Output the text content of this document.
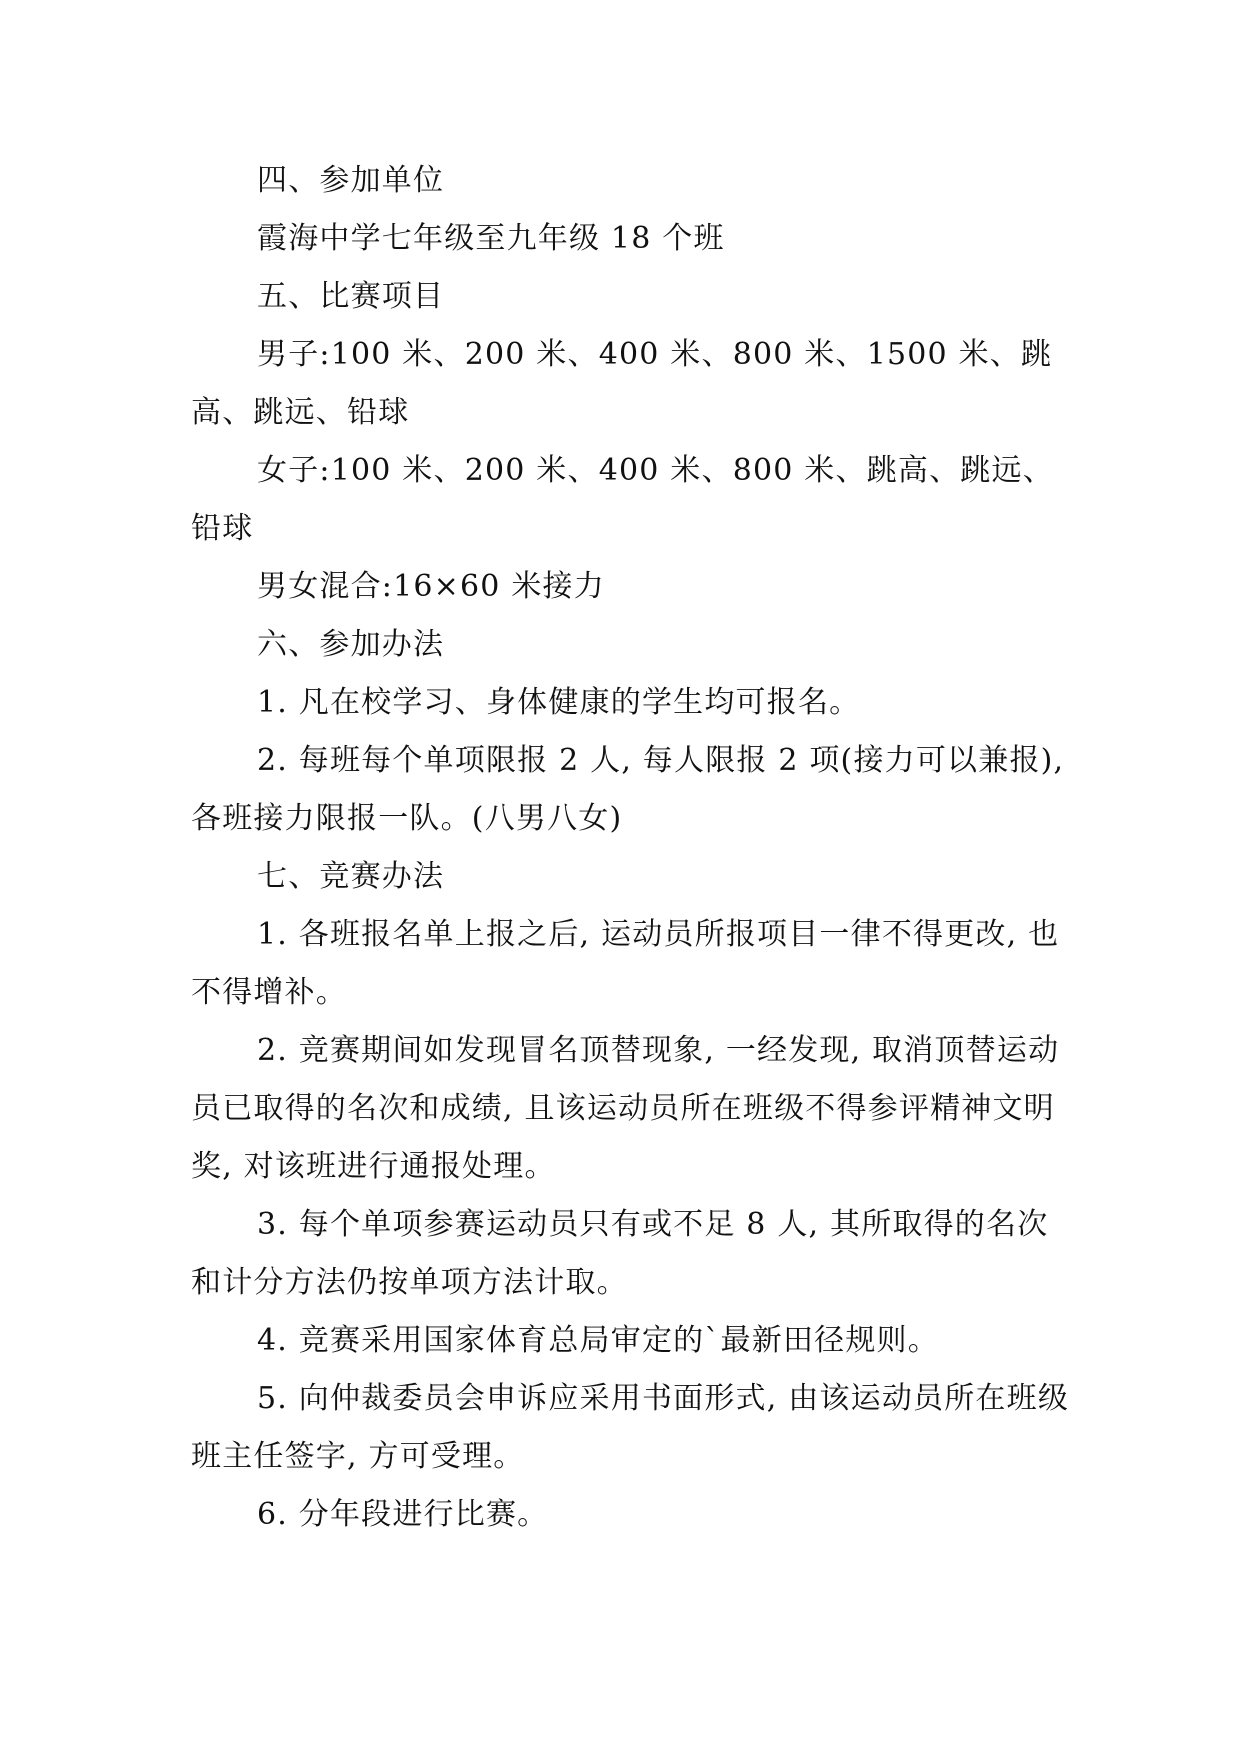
四、参加单位

霞海中学七年级至九年级 18 个班

五、比赛项目

男子:100 米、200 米、400 米、800 米、1500 米、跳高、跳远、铅球

女子:100 米、200 米、400 米、800 米、跳高、跳远、铅球

男女混合:16×60 米接力

六、参加办法

1. 凡在校学习、身体健康的学生均可报名。

2. 每班每个单项限报 2 人, 每人限报 2 项(接力可以兼报), 各班接力限报一队。(八男八女)

七、竞赛办法

1. 各班报名单上报之后, 运动员所报项目一律不得更改, 也不得增补。

2. 竞赛期间如发现冒名顶替现象, 一经发现, 取消顶替运动员已取得的名次和成绩, 且该运动员所在班级不得参评精神文明奖, 对该班进行通报处理。

3. 每个单项参赛运动员只有或不足 8 人, 其所取得的名次和计分方法仍按单项方法计取。

4. 竞赛采用国家体育总局审定的`最新田径规则。

5. 向仲裁委员会申诉应采用书面形式, 由该运动员所在班级班主任签字, 方可受理。

6. 分年段进行比赛。
